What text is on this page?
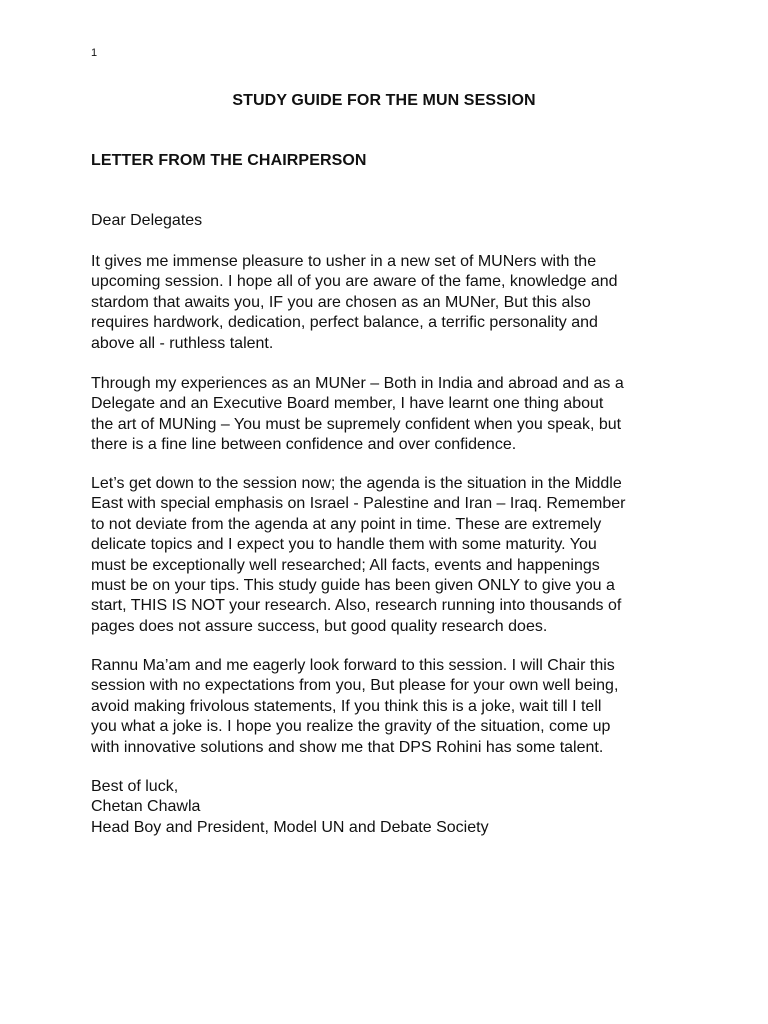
1
STUDY GUIDE FOR THE MUN SESSION
LETTER FROM THE CHAIRPERSON
Dear Delegates
It gives me immense pleasure to usher in a new set of MUNers with the
upcoming session. I hope all of you are aware of the fame, knowledge and
stardom that awaits you, IF you are chosen as an MUNer, But this also
requires hardwork, dedication, perfect balance, a terrific personality and
above all - ruthless talent.
Through my experiences as an MUNer – Both in India and abroad and as a
Delegate and an Executive Board member, I have learnt one thing about
the art of MUNing – You must be supremely confident when you speak, but
there is a fine line between confidence and over confidence.
Let’s get down to the session now; the agenda is the situation in the Middle
East with special emphasis on Israel - Palestine and Iran – Iraq. Remember
to not deviate from the agenda at any point in time. These are extremely
delicate topics and I expect you to handle them with some maturity. You
must be exceptionally well researched; All facts, events and happenings
must be on your tips. This study guide has been given ONLY to give you a
start, THIS IS NOT your research. Also, research running into thousands of
pages does not assure success, but good quality research does.
Rannu Ma’am and me eagerly look forward to this session. I will Chair this
session with no expectations from you, But please for your own well being,
avoid making frivolous statements, If you think this is a joke, wait till I tell
you what a joke is. I hope you realize the gravity of the situation, come up
with innovative solutions and show me that DPS Rohini has some talent.
Best of luck,
Chetan Chawla
Head Boy and President, Model UN and Debate Society
